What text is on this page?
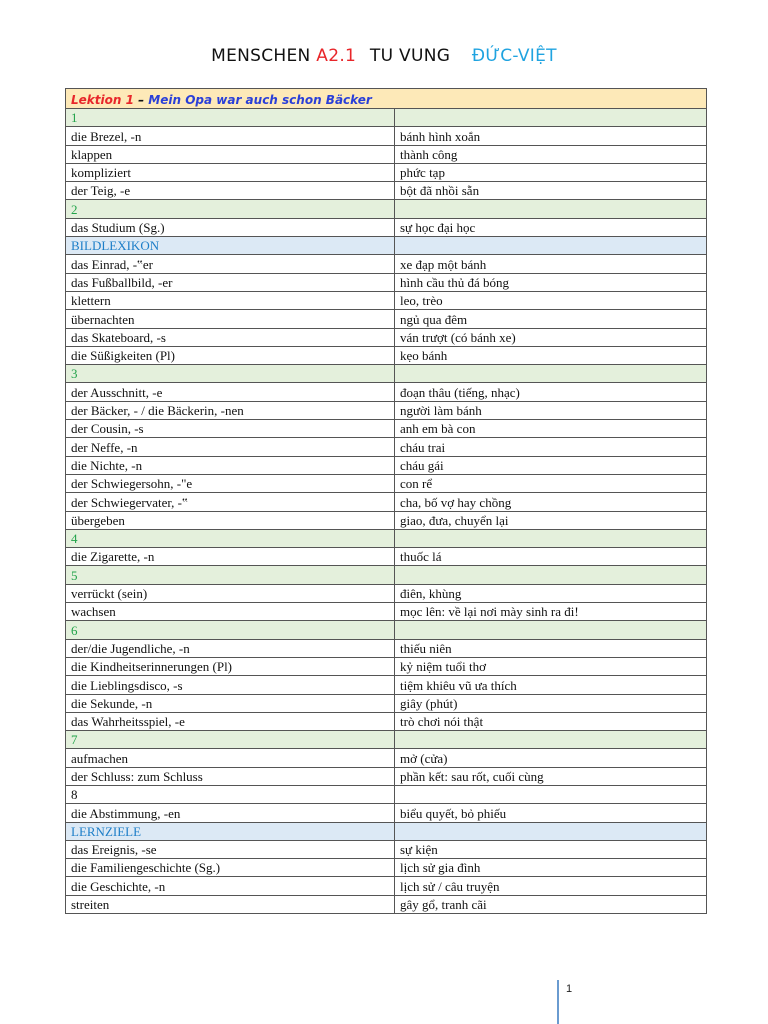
MENSCHEN A2.1 TU VUNG ĐỨC-VIỆT
Lektion 1 – Mein Opa war auch schon Bäcker	
1	
die Brezel, -n	bánh hình xoắn
klappen	thành công
kompliziert	phức tạp
der Teig, -e	bột đã nhồi sẵn
2	
das Studium (Sg.)	sự học đại học
BILDLEXIKON	
das Einrad, -‟er	xe đạp một bánh
das Fußballbild, -er	hình cầu thủ đá bóng
klettern	leo, trèo
übernachten	ngủ qua đêm
das Skateboard, -s	ván trượt (có bánh xe)
die Süßigkeiten (Pl)	kẹo bánh
3	
der Ausschnitt, -e	đoạn thâu (tiếng, nhạc)
der Bäcker, - / die Bäckerin, -nen	người làm bánh
der Cousin, -s	anh em bà con
der Neffe, -n	cháu trai
die Nichte, -n	cháu gái
der Schwiegersohn, -"e	con rể
der Schwiegervater, -‟	cha, bố vợ hay chồng
übergeben	giao, đưa, chuyển lại
4	
die Zigarette, -n	thuốc lá
5	
verrückt (sein)	điên, khùng
wachsen	mọc lên: về lại nơi mày sinh ra đi!
6	
der/die Jugendliche, -n	thiếu niên
die Kindheitserinnerungen (Pl)	kỷ niệm tuổi thơ
die Lieblingsdisco, -s	tiệm khiêu vũ ưa thích
die Sekunde, -n	giây (phút)
das Wahrheitsspiel, -e	trò chơi nói thật
7	
aufmachen	mở (cửa)
der Schluss: zum Schluss	phần kết: sau rốt, cuối cùng
8	
die Abstimmung, -en	biểu quyết, bỏ phiếu
LERNZIELE	
das Ereignis, -se	sự kiện
die Familiengeschichte (Sg.)	lịch sử gia đình
die Geschichte, -n	lịch sử / câu truyện
streiten	gây gổ, tranh cãi
1
